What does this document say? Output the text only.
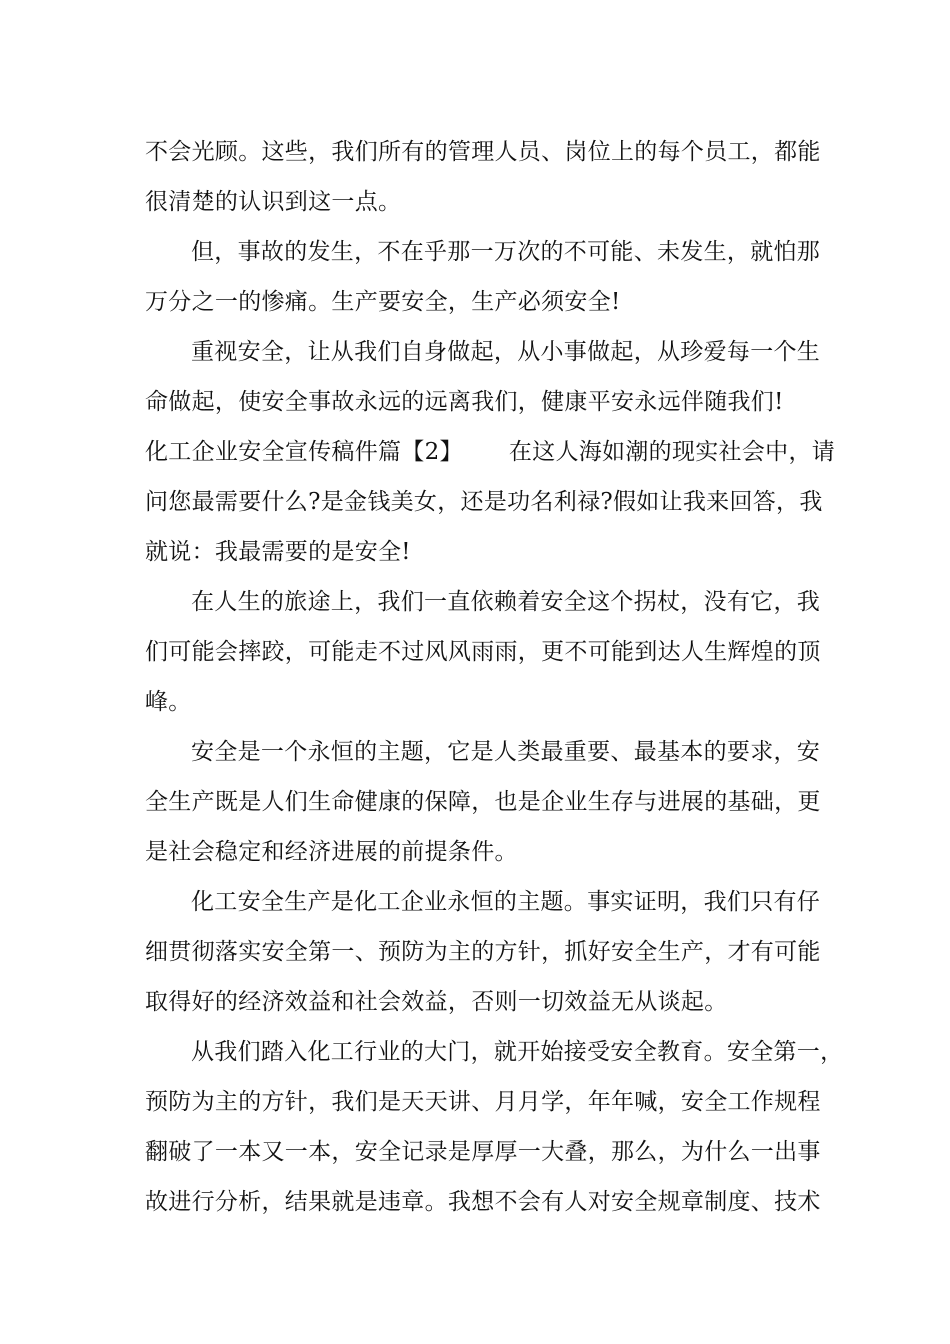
不会光顾。这些，我们所有的管理人员、岗位上的每个员工，都能
很清楚的认识到这一点。
但，事故的发生，不在乎那一万次的不可能、未发生，就怕那
万分之一的惨痛。生产要安全，生产必须安全!
重视安全，让从我们自身做起，从小事做起，从珍爱每一个生
命做起，使安全事故永远的远离我们，健康平安永远伴随我们!
化工企业安全宣传稿件篇【2】 在这人海如潮的现实社会中，请
问您最需要什么?是金钱美女，还是功名利禄?假如让我来回答，我
就说：我最需要的是安全!
在人生的旅途上，我们一直依赖着安全这个拐杖，没有它，我
们可能会摔跤，可能走不过风风雨雨，更不可能到达人生辉煌的顶
峰。
安全是一个永恒的主题，它是人类最重要、最基本的要求，安
全生产既是人们生命健康的保障，也是企业生存与进展的基础，更
是社会稳定和经济进展的前提条件。
化工安全生产是化工企业永恒的主题。事实证明，我们只有仔
细贯彻落实安全第一、预防为主的方针，抓好安全生产，才有可能
取得好的经济效益和社会效益，否则一切效益无从谈起。
从我们踏入化工行业的大门，就开始接受安全教育。安全第一，
预防为主的方针，我们是天天讲、月月学，年年喊，安全工作规程
翻破了一本又一本，安全记录是厚厚一大叠，那么，为什么一出事
故进行分析，结果就是违章。我想不会有人对安全规章制度、技术
